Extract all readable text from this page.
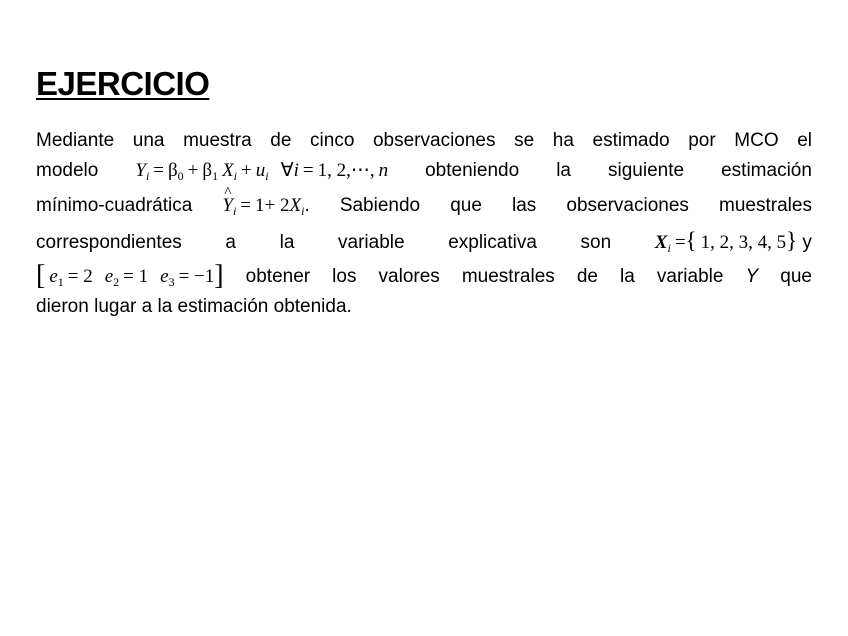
EJERCICIO
Mediante una muestra de cinco observaciones se ha estimado por MCO el
modelo $Y_i = \beta_0 + \beta_1$ $X_i + u_i$ ∀i = 1, 2,⋯, n obteniendo la siguiente estimación
mínimo-cuadrática
^ $Y_i = 1+ 2X_i$. Sabiendo que las observaciones muestrales
correspondientes a la variable explicativa son $X_i$ ={ 1, 2, 3, 4, 5} y
[ $e_1 = 2$ $e_2 = 1$ $e_3 = -1$] obtener los valores muestrales de la variable Y que
dieron lugar a la estimación obtenida.
